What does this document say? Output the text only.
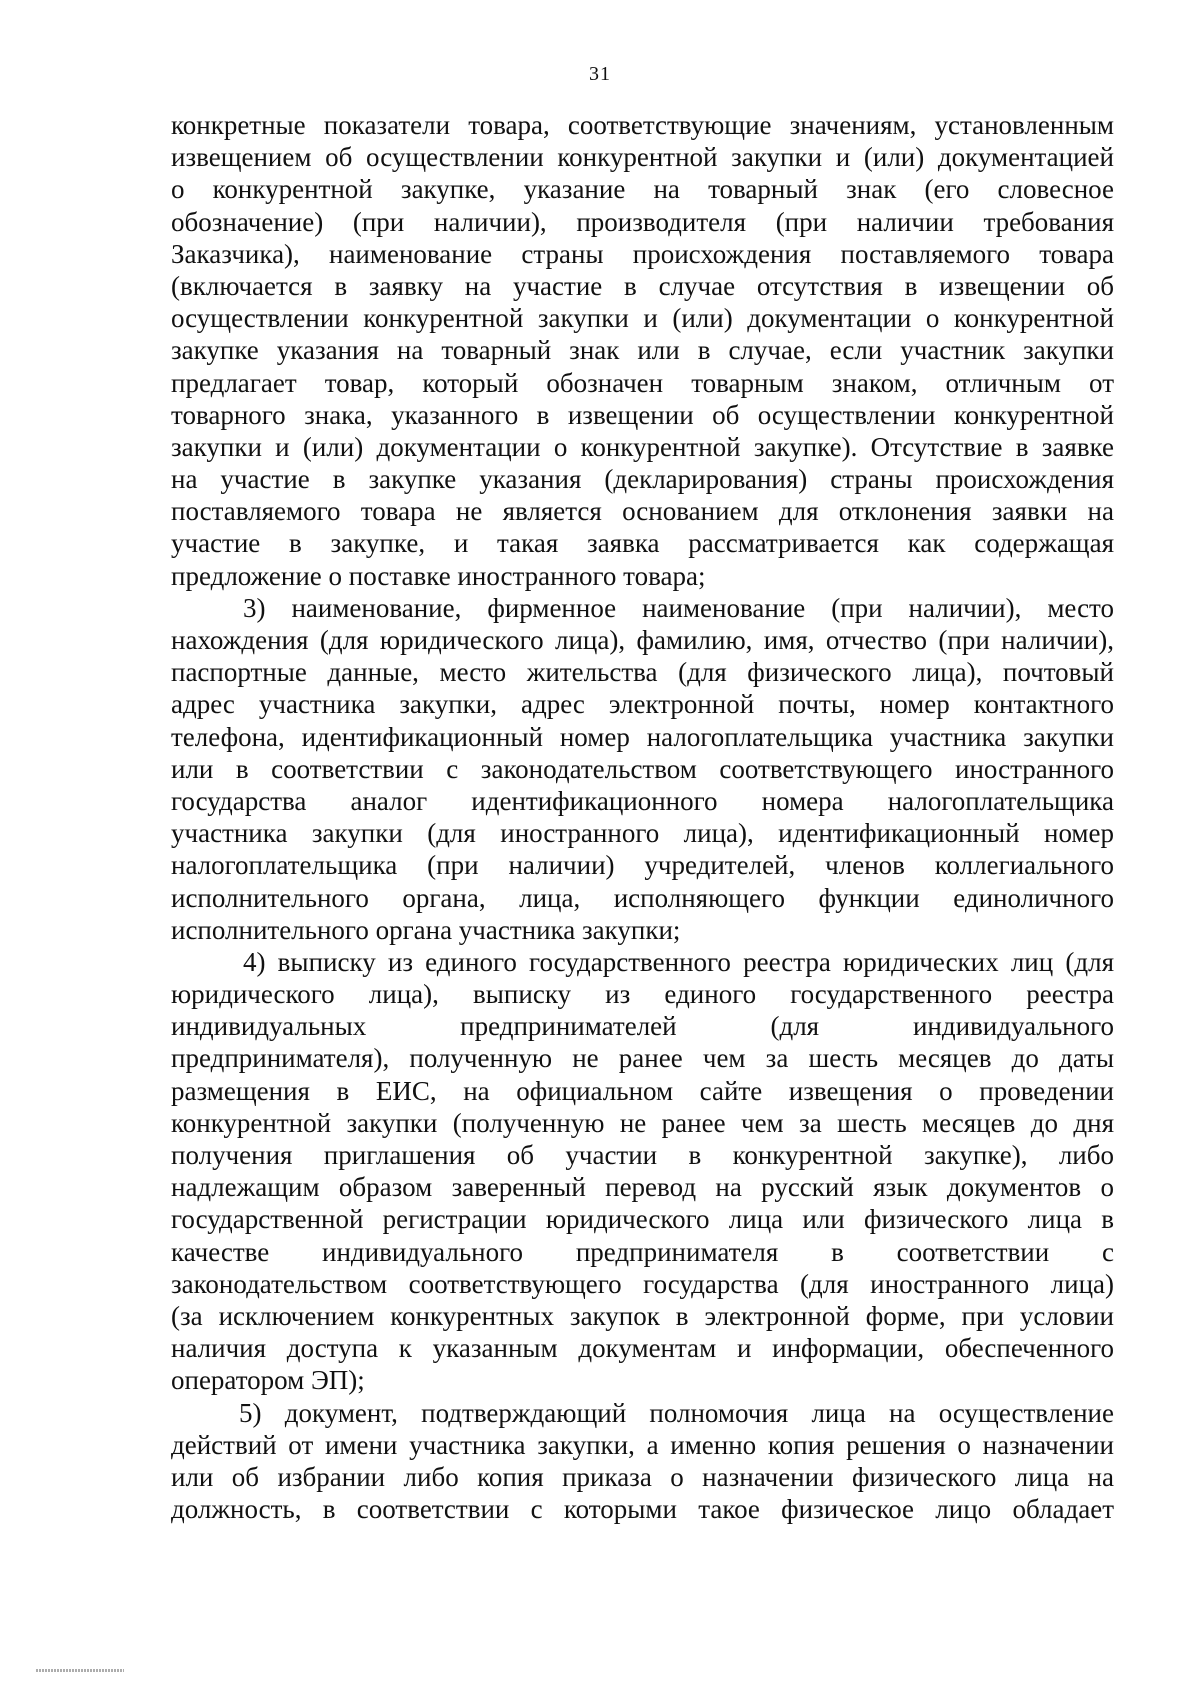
31
конкретные показатели товара, соответствующие значениям, установленным
извещением об осуществлении конкурентной закупки и (или) документацией
о конкурентной закупке, указание на товарный знак (его словесное
обозначение) (при наличии), производителя (при наличии требования
Заказчика), наименование страны происхождения поставляемого товара
(включается в заявку на участие в случае отсутствия в извещении об
осуществлении конкурентной закупки и (или) документации о конкурентной
закупке указания на товарный знак или в случае, если участник закупки
предлагает товар, который обозначен товарным знаком, отличным от
товарного знака, указанного в извещении об осуществлении конкурентной
закупки и (или) документации о конкурентной закупке). Отсутствие в заявке
на участие в закупке указания (декларирования) страны происхождения
поставляемого товара не является основанием для отклонения заявки на
участие в закупке, и такая заявка рассматривается как содержащая
предложение о поставке иностранного товара;
3) наименование, фирменное наименование (при наличии), место
нахождения (для юридического лица), фамилию, имя, отчество (при наличии),
паспортные данные, место жительства (для физического лица), почтовый
адрес участника закупки, адрес электронной почты, номер контактного
телефона, идентификационный номер налогоплательщика участника закупки
или в соответствии с законодательством соответствующего иностранного
государства аналог идентификационного номера налогоплательщика
участника закупки (для иностранного лица), идентификационный номер
налогоплательщика (при наличии) учредителей, членов коллегиального
исполнительного органа, лица, исполняющего функции единоличного
исполнительного органа участника закупки;
4) выписку из единого государственного реестра юридических лиц (для
юридического лица), выписку из единого государственного реестра
индивидуальных предпринимателей (для индивидуального
предпринимателя), полученную не ранее чем за шесть месяцев до даты
размещения в ЕИС, на официальном сайте извещения о проведении
конкурентной закупки (полученную не ранее чем за шесть месяцев до дня
получения приглашения об участии в конкурентной закупке), либо
надлежащим образом заверенный перевод на русский язык документов о
государственной регистрации юридического лица или физического лица в
качестве индивидуального предпринимателя в соответствии с
законодательством соответствующего государства (для иностранного лица)
(за исключением конкурентных закупок в электронной форме, при условии
наличия доступа к указанным документам и информации, обеспеченного
оператором ЭП);
5) документ, подтверждающий полномочия лица на осуществление
действий от имени участника закупки, а именно копия решения о назначении
или об избрании либо копия приказа о назначении физического лица на
должность, в соответствии с которыми такое физическое лицо обладает
